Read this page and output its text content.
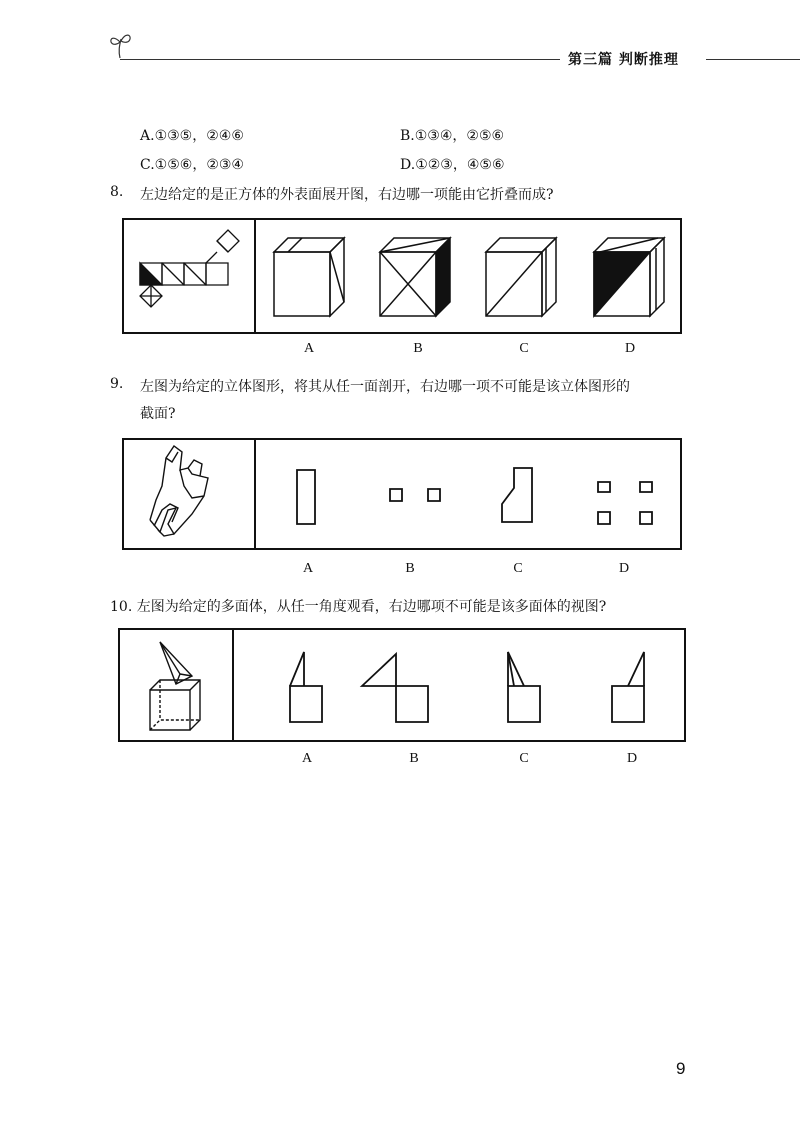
第三篇 判断推理
A.①③⑤，②④⑥	B.①③④，②⑤⑥
C.①⑤⑥，②③④	D.①②③，④⑤⑥
8. 左边给定的是正方体的外表面展开图，右边哪一项能由它折叠而成?
A	B	C	D
9. 左图为给定的立体图形，将其从任一面剖开，右边哪一项不可能是该立体图形的
截面?
A	B	C	D
10. 左图为给定的多面体，从任一角度观看，右边哪项不可能是该多面体的视图?
A	B	C	D
9
